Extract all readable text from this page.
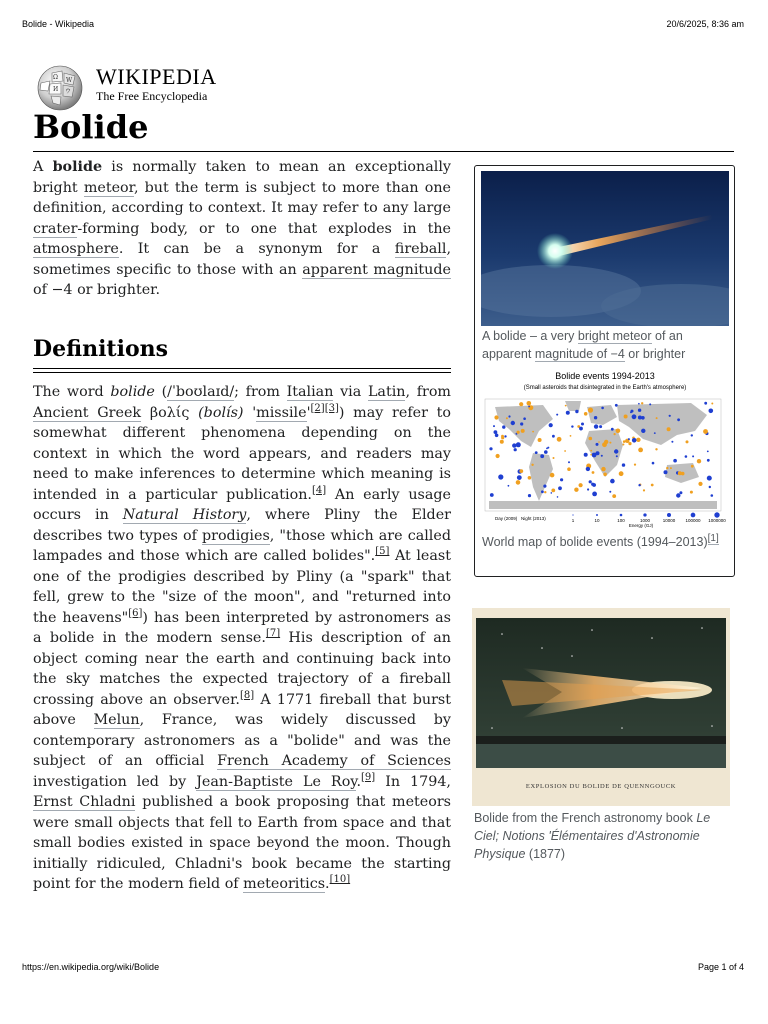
Bolide - Wikipedia	20/6/2025, 8:36 am
Ω W
И ウ
WIKIPEDIA
The Free Encyclopedia
Bolide

A bolide is normally taken to mean an exceptionally bright meteor, but the term is subject to more than one definition, according to context. It may refer to any large crater-forming body, or to one that explodes in the atmosphere. It can be a synonym for a fireball, sometimes specific to those with an apparent magnitude of −4 or brighter.

Definitions

The word bolide (/ˈboʊlaɪd/; from Italian via Latin, from Ancient Greek βολίς (bolís) 'missile'[2][3]) may refer to somewhat different phenomena depending on the context in which the word appears, and readers may need to make inferences to determine which meaning is intended in a particular publication.[4] An early usage occurs in Natural History, where Pliny the Elder describes two types of prodigies, "those which are called lampades and those which are called bolides".[5] At least one of the prodigies described by Pliny (a "spark" that fell, grew to the "size of the moon", and "returned into the heavens"[6]) has been interpreted by astronomers as a bolide in the modern sense.[7] His description of an object coming near the earth and continuing back into the sky matches the expected trajectory of a fireball crossing above an observer.[8] A 1771 fireball that burst above Melun, France, was widely discussed by contemporary astronomers as a "bolide" and was the subject of an official French Academy of Sciences investigation led by Jean-Baptiste Le Roy.[9] In 1794, Ernst Chladni published a book proposing that meteors were small objects that fell to Earth from space and that small bodies existed in space beyond the moon. Though initially ridiculed, Chladni's book became the starting point for the modern field of meteoritics.[10]

A bolide – a very bright meteor of an apparent magnitude of −4 or brighter
Bolide events 1994-2013
(Small asteroids that disintegrated in the Earth's atmosphere)
Day (2009) Night (2013)	1	10	100	1000	10000 100000 1000000
Energy (GJ)
World map of bolide events (1994–2013)[1]
EXPLOSION DU BOLIDE DE QUENNGOUCK
Bolide from the French astronomy book Le Ciel; Notions 'Élémentaires d'Astronomie Physique (1877)
https://en.wikipedia.org/wiki/Bolide	Page 1 of 4
